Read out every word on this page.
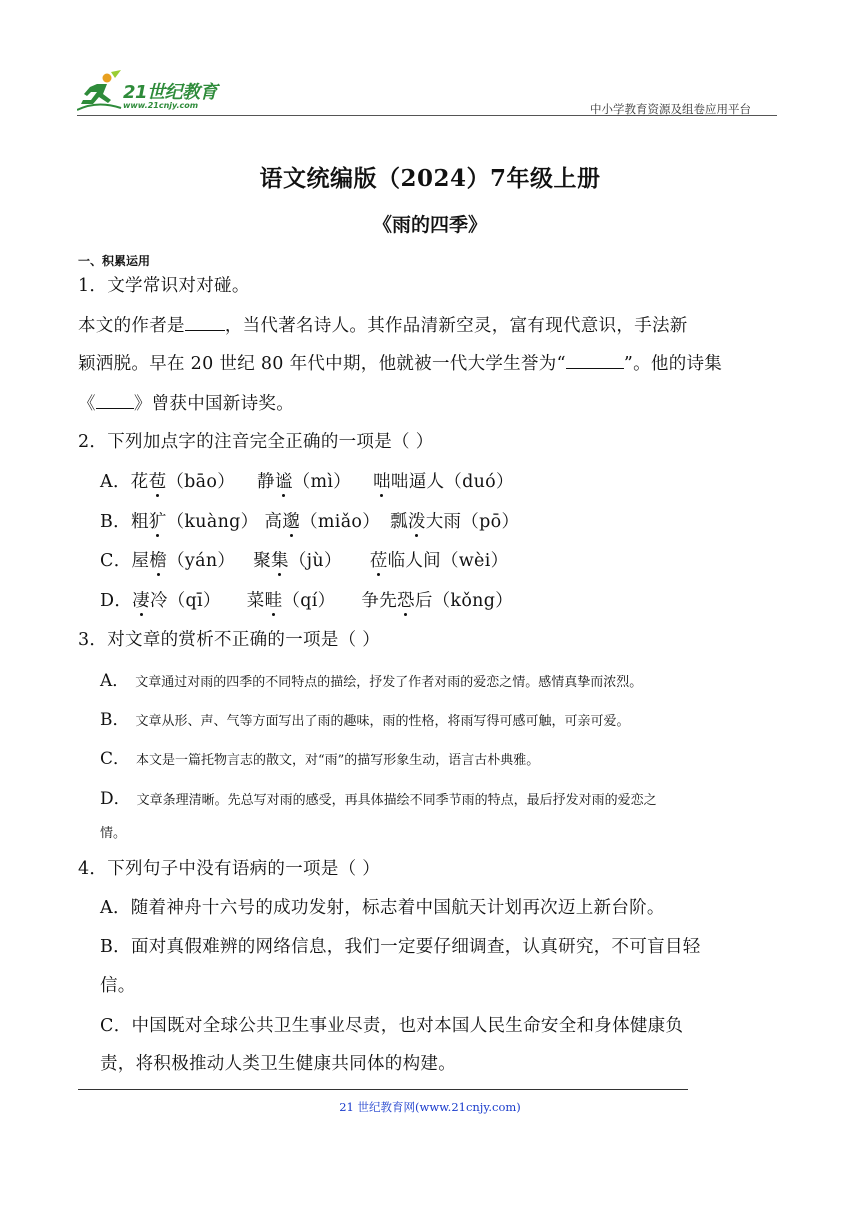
21世纪教育
www.21cnjy.com	中小学教育资源及组卷应用平台
语文统编版（2024）7年级上册
《雨的四季》
一、积累运用
1．文学常识对对碰。
本文的作者是 ，当代著名诗人。其作品清新空灵，富有现代意识，手法新
颖洒脱。早在 20 世纪 80 年代中期，他就被一代大学生誉为“	”。他的诗集
《 》曾获中国新诗奖。
2．下列加点字的注音完全正确的一项是（ ）
A．花苞（bāo） 静谧（mì） 咄咄逼人（duó）
B．粗犷（kuàng） 高邈（miǎo） 瓢泼大雨（pō）
C．屋檐（yán） 聚集（jù） 莅临人间（wèi）
D．凄冷（qī） 菜畦（qí） 争先恐后（kǒng）
3．对文章的赏析不正确的一项是（ ）
A． 文章通过对雨的四季的不同特点的描绘，抒发了作者对雨的爱恋之情。感情真挚而浓烈。
B． 文章从形、声、气等方面写出了雨的趣味，雨的性格，将雨写得可感可触，可亲可爱。
C． 本文是一篇托物言志的散文，对“雨”的描写形象生动，语言古朴典雅。
D． 文章条理清晰。先总写对雨的感受，再具体描绘不同季节雨的特点，最后抒发对雨的爱恋之
情。
4．下列句子中没有语病的一项是（ ）
A．随着神舟十六号的成功发射，标志着中国航天计划再次迈上新台阶。
B．面对真假难辨的网络信息，我们一定要仔细调查，认真研究，不可盲目轻
信。
C．中国既对全球公共卫生事业尽责，也对本国人民生命安全和身体健康负
责，将积极推动人类卫生健康共同体的构建。
21 世纪教育网(www.21cnjy.com)
